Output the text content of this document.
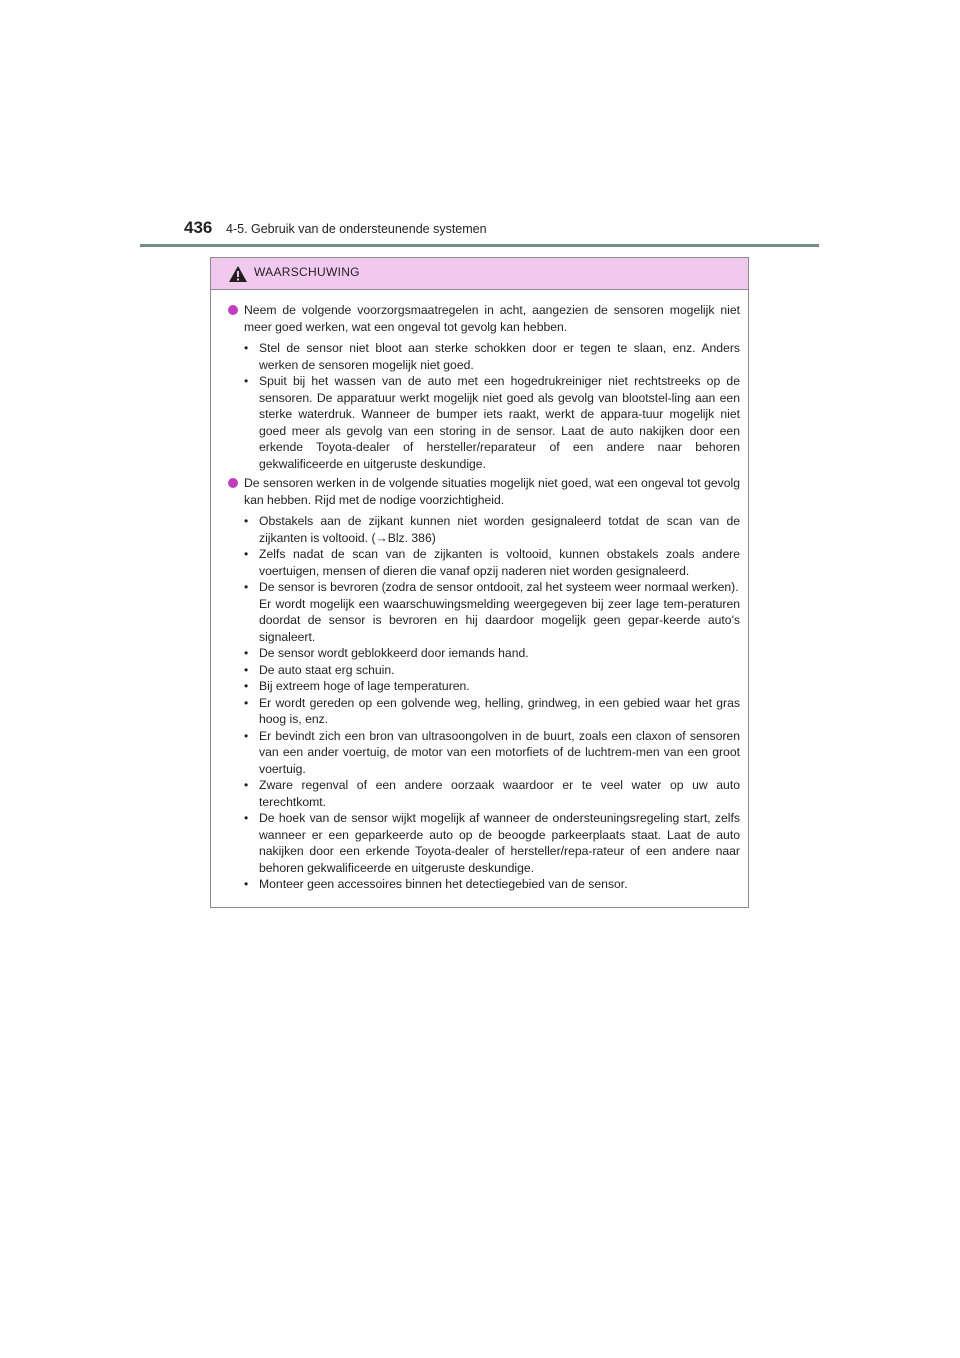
436 4-5. Gebruik van de ondersteunende systemen
WAARSCHUWING
Neem de volgende voorzorgsmaatregelen in acht, aangezien de sensoren mogelijk niet meer goed werken, wat een ongeval tot gevolg kan hebben.
• Stel de sensor niet bloot aan sterke schokken door er tegen te slaan, enz. Anders werken de sensoren mogelijk niet goed.
• Spuit bij het wassen van de auto met een hogedrukreiniger niet rechtstreeks op de sensoren. De apparatuur werkt mogelijk niet goed als gevolg van blootstel-ling aan een sterke waterdruk. Wanneer de bumper iets raakt, werkt de appara-tuur mogelijk niet goed meer als gevolg van een storing in de sensor. Laat de auto nakijken door een erkende Toyota-dealer of hersteller/reparateur of een andere naar behoren gekwalificeerde en uitgeruste deskundige.
De sensoren werken in de volgende situaties mogelijk niet goed, wat een ongeval tot gevolg kan hebben. Rijd met de nodige voorzichtigheid.
• Obstakels aan de zijkant kunnen niet worden gesignaleerd totdat de scan van de zijkanten is voltooid. (→Blz. 386)
• Zelfs nadat de scan van de zijkanten is voltooid, kunnen obstakels zoals andere voertuigen, mensen of dieren die vanaf opzij naderen niet worden gesignaleerd.
• De sensor is bevroren (zodra de sensor ontdooit, zal het systeem weer normaal werken).
Er wordt mogelijk een waarschuwingsmelding weergegeven bij zeer lage tem-peraturen doordat de sensor is bevroren en hij daardoor mogelijk geen gepar-keerde auto's signaleert.
• De sensor wordt geblokkeerd door iemands hand.
• De auto staat erg schuin.
• Bij extreem hoge of lage temperaturen.
• Er wordt gereden op een golvende weg, helling, grindweg, in een gebied waar het gras hoog is, enz.
• Er bevindt zich een bron van ultrasoongolven in de buurt, zoals een claxon of sensoren van een ander voertuig, de motor van een motorfiets of de luchtrem-men van een groot voertuig.
• Zware regenval of een andere oorzaak waardoor er te veel water op uw auto terechtkomt.
• De hoek van de sensor wijkt mogelijk af wanneer de ondersteuningsregeling start, zelfs wanneer er een geparkeerde auto op de beoogde parkeerplaats staat. Laat de auto nakijken door een erkende Toyota-dealer of hersteller/repa-rateur of een andere naar behoren gekwalificeerde en uitgeruste deskundige.
• Monteer geen accessoires binnen het detectiegebied van de sensor.
